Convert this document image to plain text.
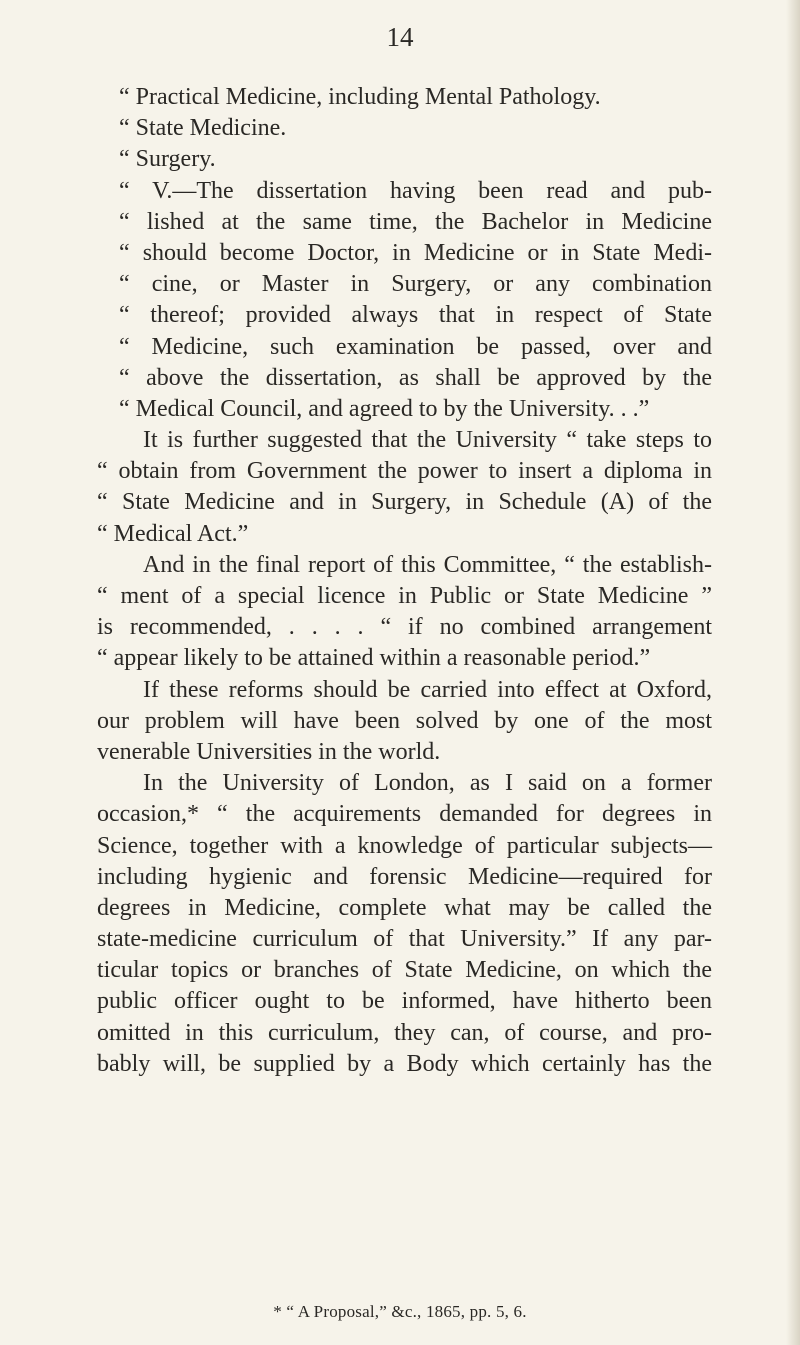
14

“ Practical Medicine, including Mental Pathology.

“ State Medicine.

“ Surgery.

“ V.—The dissertation having been read and pub-

“ lished at the same time, the Bachelor in Medicine

“ should become Doctor, in Medicine or in State Medi-

“ cine, or Master in Surgery, or any combination

“ thereof; provided always that in respect of State

“ Medicine, such examination be passed, over and

“ above the dissertation, as shall be approved by the

“ Medical Council, and agreed to by the University. . .”

It is further suggested that the University “ take steps to

“ obtain from Government the power to insert a diploma in

“ State Medicine and in Surgery, in Schedule (A) of the

“ Medical Act.”

And in the final report of this Committee, “ the establish-

“ ment of a special licence in Public or State Medicine ”

is recommended, . . . . “ if no combined arrangement

“ appear likely to be attained within a reasonable period.”

If these reforms should be carried into effect at Oxford,

our problem will have been solved by one of the most

venerable Universities in the world.

In the University of London, as I said on a former

occasion,* “ the acquirements demanded for degrees in

Science, together with a knowledge of particular subjects—

including hygienic and forensic Medicine—required for

degrees in Medicine, complete what may be called the

state-medicine curriculum of that University.” If any par-

ticular topics or branches of State Medicine, on which the

public officer ought to be informed, have hitherto been

omitted in this curriculum, they can, of course, and pro-

bably will, be supplied by a Body which certainly has the

* “ A Proposal,” &c., 1865, pp. 5, 6.
